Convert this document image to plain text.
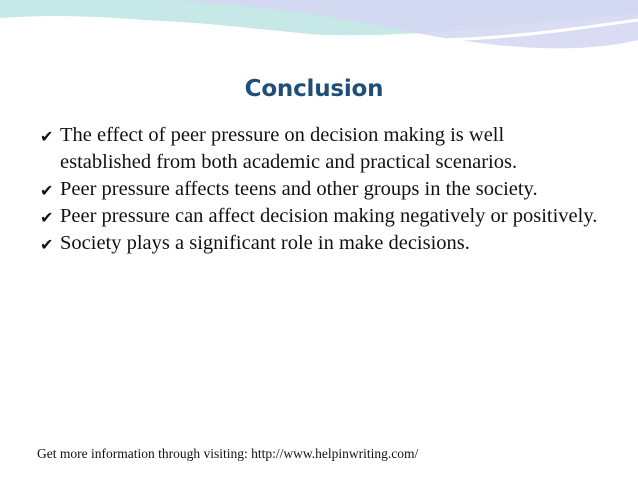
Conclusion
✔ The effect of peer pressure on decision making is well established from both academic and practical scenarios.
✔ Peer pressure affects teens and other groups in the society.
✔ Peer pressure can affect decision making negatively or positively.
✔ Society plays a significant role in make decisions.
Get more information through visiting: http://www.helpinwriting.com/
